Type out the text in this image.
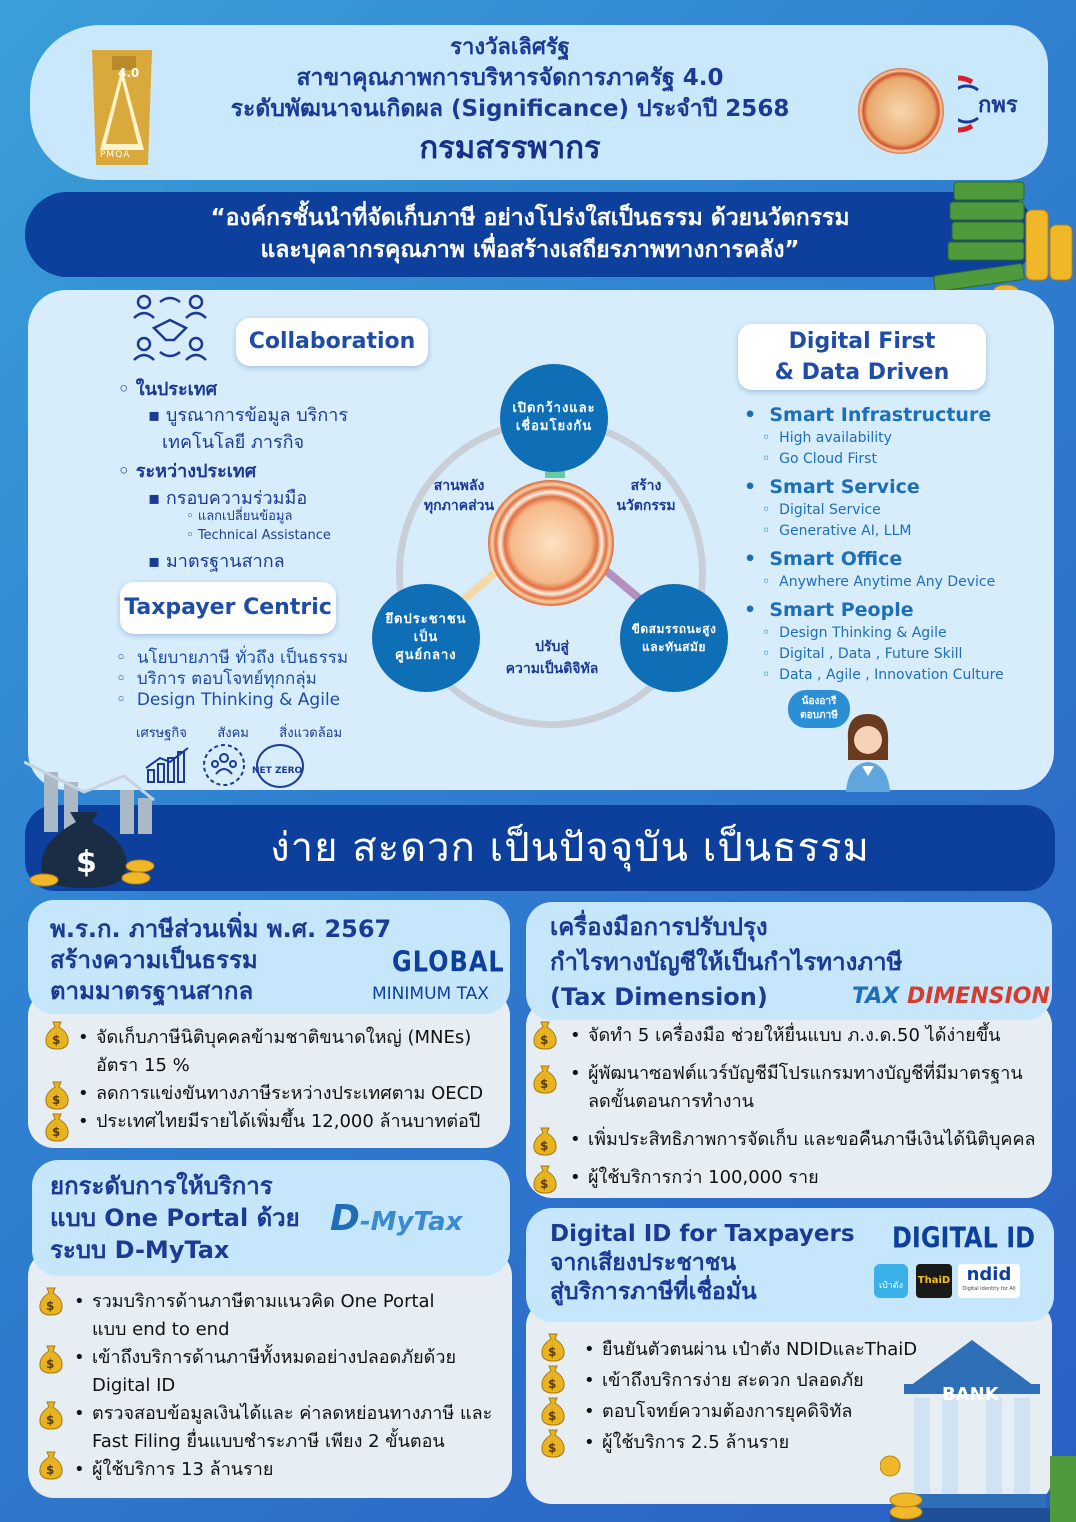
4.0
PMQA
รางวัลเลิศรัฐ
สาขาคุณภาพการบริหารจัดการภาครัฐ 4.0
ระดับพัฒนาจนเกิดผล (Significance) ประจำปี 2568
กรมสรรพากร
กพร
“องค์กรชั้นนำที่จัดเก็บภาษี อย่างโปร่งใสเป็นธรรม ด้วยนวัตกรรม
และบุคลากรคุณภาพ เพื่อสร้างเสถียรภาพทางการคลัง”
Collaboration
◦ ในประเทศ
▪ บูรณาการข้อมูล บริการ
เทคโนโลยี ภารกิจ
◦ ระหว่างประเทศ
▪ กรอบความร่วมมือ
◦ แลกเปลี่ยนข้อมูล
◦ Technical Assistance
▪ มาตรฐานสากล
Taxpayer Centric
◦  นโยบายภาษี ทั่วถึง เป็นธรรม
◦  บริการ ตอบโจทย์ทุกกลุ่ม
◦  Design Thinking & Agile
เศรษฐกิจ สังคม สิ่งแวดล้อม
NET ZERO
เปิดกว้างและ
เชื่อมโยงกัน
ยึดประชาชน
เป็น
ศูนย์กลาง
ขีดสมรรถนะสูง
และทันสมัย
สานพลัง
ทุกภาคส่วน
สร้าง
นวัตกรรม
ปรับสู่
ความเป็นดิจิทัล
Digital First
& Data Driven
•  Smart Infrastructure
◦  High availability
◦  Go Cloud First
•  Smart Service
◦  Digital Service
◦  Generative AI, LLM
•  Smart Office
◦  Anywhere Anytime Any Device
•  Smart People
◦  Design Thinking & Agile
◦  Digital , Data , Future Skill
◦  Data , Agile , Innovation Culture
น้องอารี
ตอบภาษี
ง่าย สะดวก เป็นปัจจุบัน เป็นธรรม
$
พ.ร.ก. ภาษีส่วนเพิ่ม พ.ศ. 2567
สร้างความเป็นธรรม
ตามมาตรฐานสากล
GLOBAL
MINIMUM TAX
• จัดเก็บภาษีนิติบุคคลข้ามชาติขนาดใหญ่ (MNEs)
อัตรา 15 %
• ลดการแข่งขันทางภาษีระหว่างประเทศตาม OECD
• ประเทศไทยมีรายได้เพิ่มขึ้น 12,000 ล้านบาทต่อปี
$
$
$
เครื่องมือการปรับปรุง
กำไรทางบัญชีให้เป็นกำไรทางภาษี
(Tax Dimension)	TAX DIMENSION
• จัดทำ 5 เครื่องมือ ช่วยให้ยื่นแบบ ภ.ง.ด.50 ได้ง่ายขึ้น
• ผู้พัฒนาซอฟต์แวร์บัญชีมีโปรแกรมทางบัญชีที่มีมาตรฐาน
ลดขั้นตอนการทำงาน
• เพิ่มประสิทธิภาพการจัดเก็บ และขอคืนภาษีเงินได้นิติบุคคล
• ผู้ใช้บริการกว่า 100,000 ราย
$
$
$
$
ยกระดับการให้บริการ
แบบ One Portal ด้วย
ระบบ D-MyTax
D-MyTax
• รวมบริการด้านภาษีตามแนวคิด One Portal
แบบ end to end
• เข้าถึงบริการด้านภาษีทั้งหมดอย่างปลอดภัยด้วย
Digital ID
• ตรวจสอบข้อมูลเงินได้และ ค่าลดหย่อนทางภาษี และ
Fast Filing ยื่นแบบชำระภาษี เพียง 2 ขั้นตอน
• ผู้ใช้บริการ 13 ล้านราย
$
$
$
$
Digital ID for Taxpayers
จากเสียงประชาชน
สู่บริการภาษีที่เชื่อมั่น
DIGITAL ID
เป๋าตัง	ThaiD ndid
Digital Identity for All
• ยืนยันตัวตนผ่าน เป๋าตัง NDIDและThaiD
• เข้าถึงบริการง่าย สะดวก ปลอดภัย
• ตอบโจทย์ความต้องการยุคดิจิทัล
• ผู้ใช้บริการ 2.5 ล้านราย
$
$
$
$
BANK
